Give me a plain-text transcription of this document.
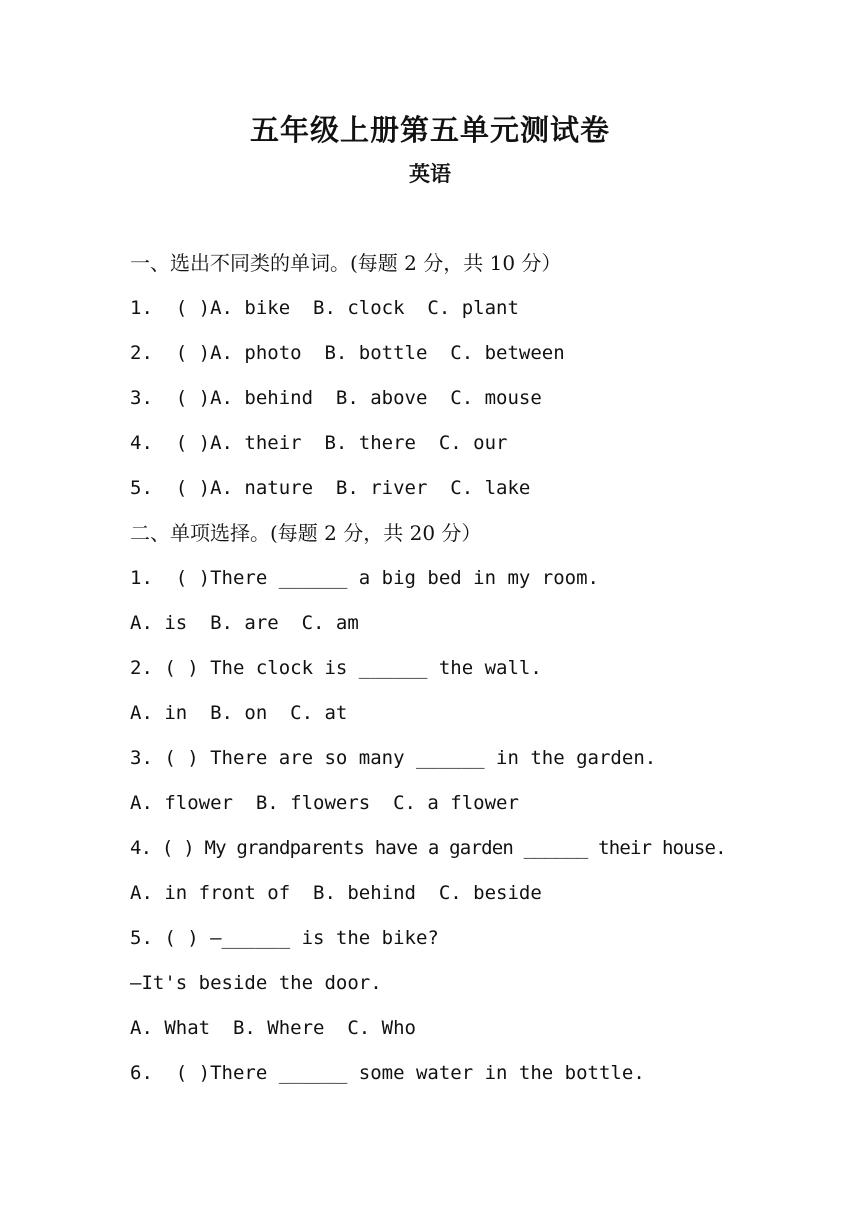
五年级上册第五单元测试卷
英语
一、选出不同类的单词。(每题 2 分，共 10 分）
1.  ( )A. bike  B. clock  C. plant
2.  ( )A. photo  B. bottle  C. between
3.  ( )A. behind  B. above  C. mouse
4.  ( )A. their  B. there  C. our
5.  ( )A. nature  B. river  C. lake
二、单项选择。(每题 2 分，共 20 分）
1.  ( )There ______ a big bed in my room.
A. is  B. are  C. am
2. ( ) The clock is ______ the wall.
A. in  B. on  C. at
3. ( ) There are so many ______ in the garden.
A. flower  B. flowers  C. a flower
4. ( ) My grandparents have a garden ______ their house.
A. in front of  B. behind  C. beside
5. ( ) —______ is the bike?
—It's beside the door.
A. What  B. Where  C. Who
6.  ( )There ______ some water in the bottle.
